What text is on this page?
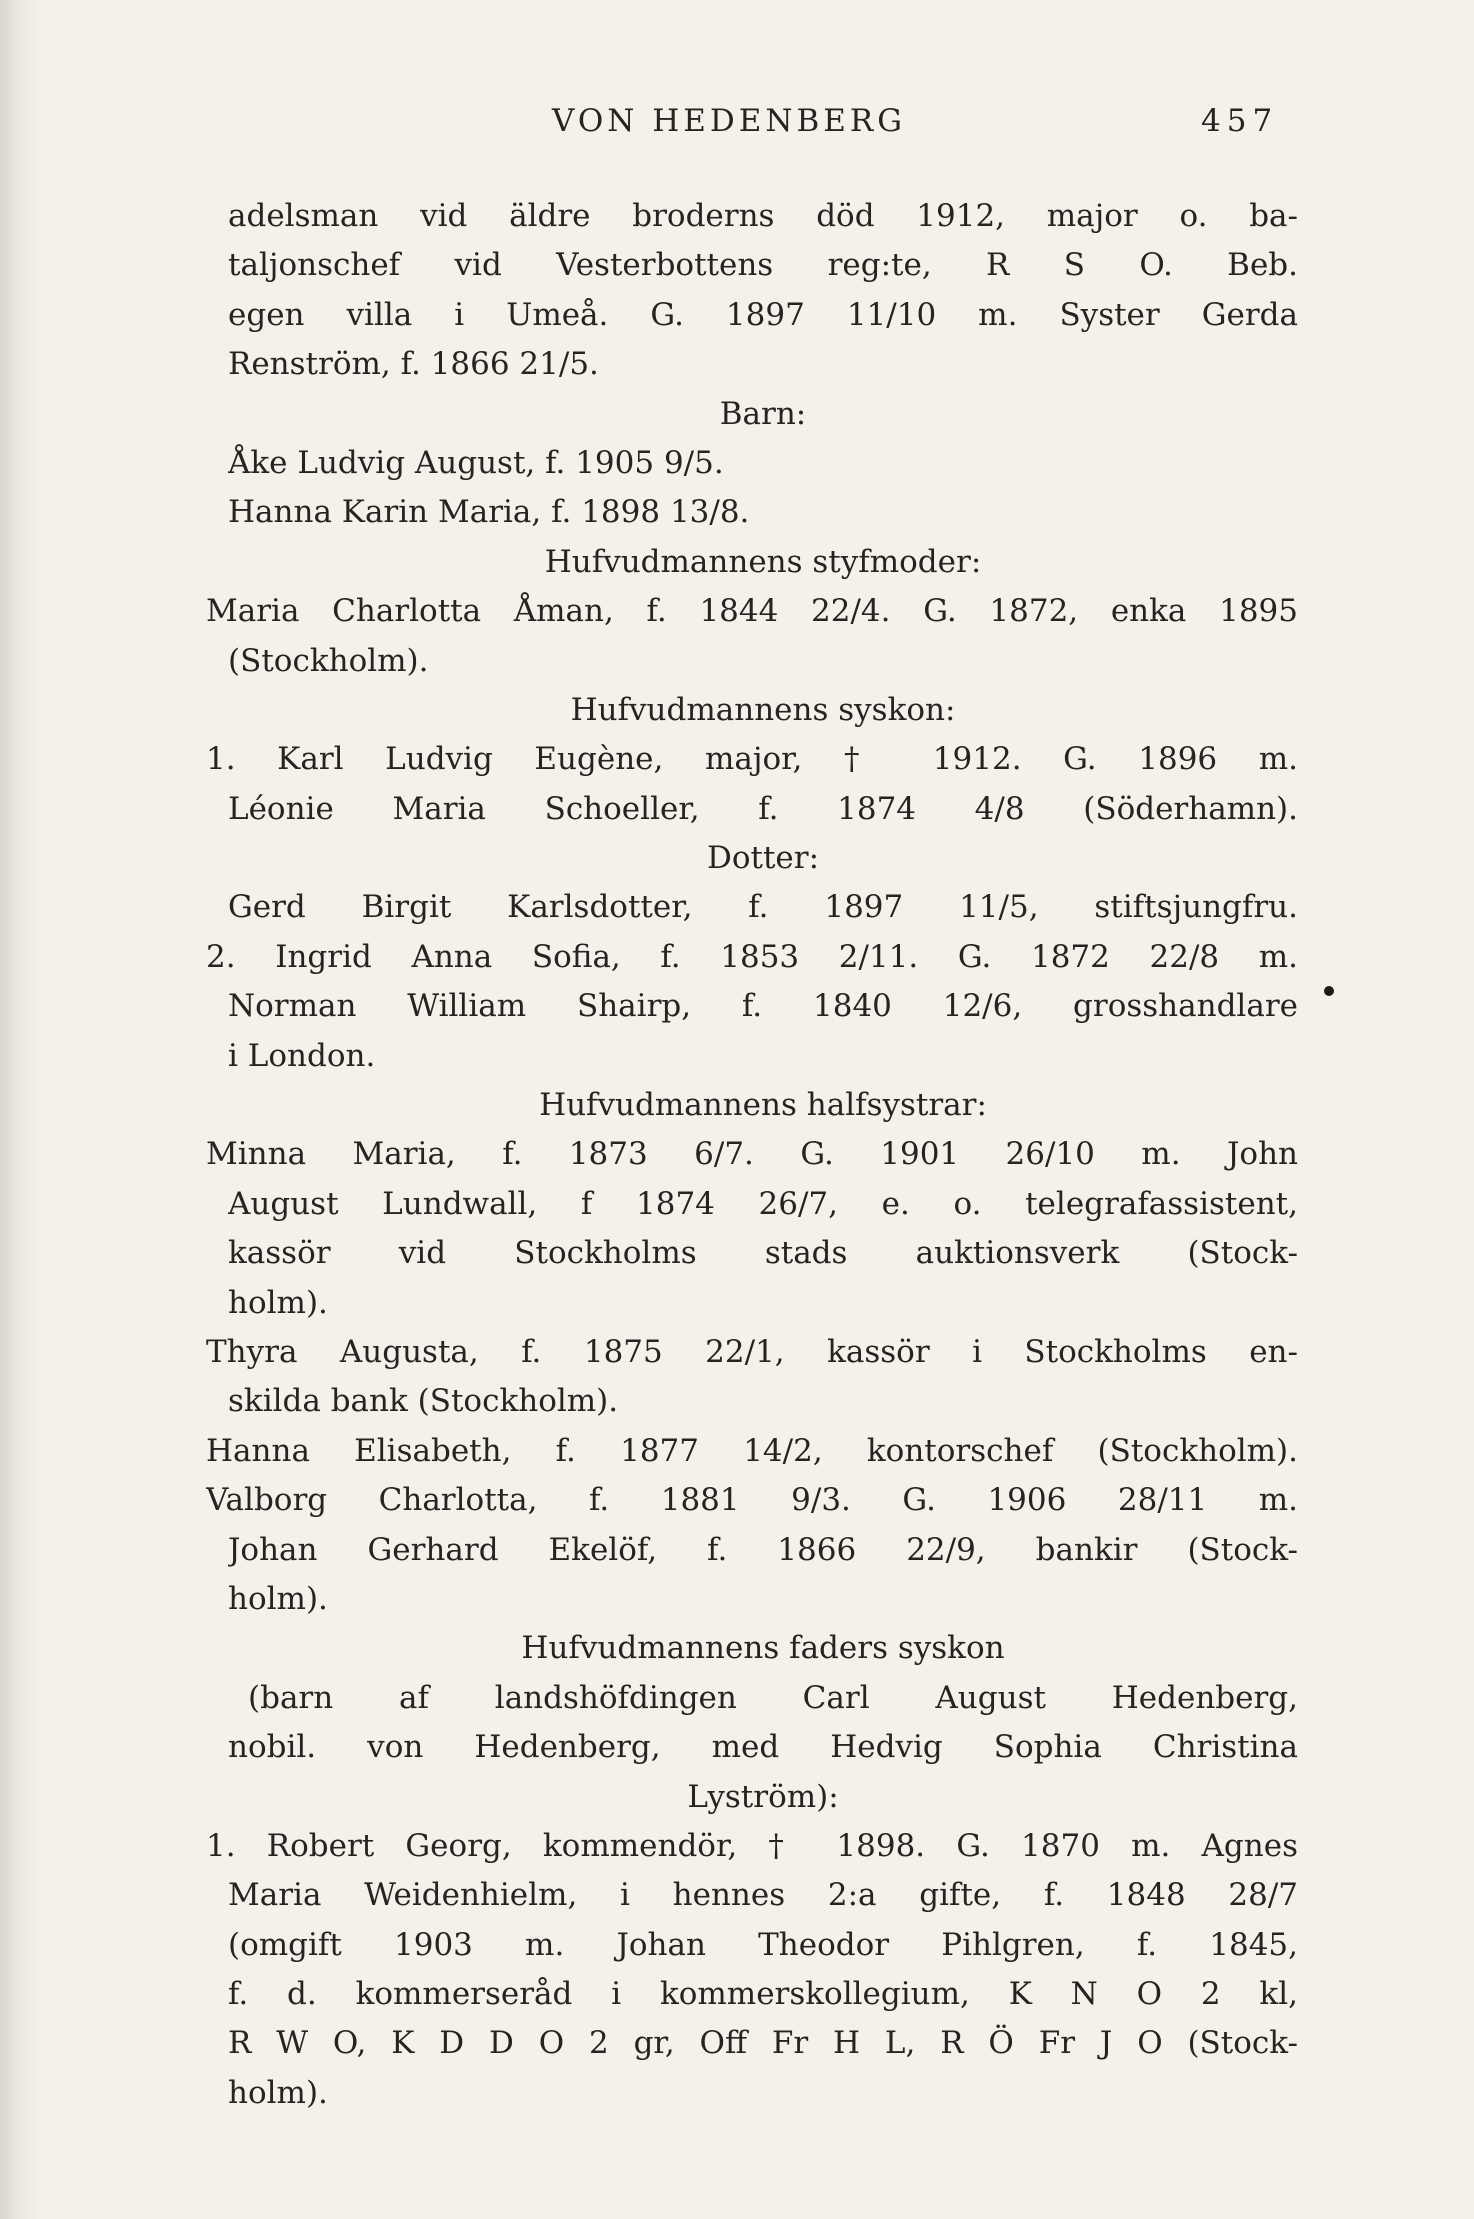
VON HEDENBERG	457
adelsman vid äldre broderns död 1912, major o. ba-
taljonschef vid Vesterbottens reg:te, R S O. Beb.
egen villa i Umeå. G. 1897 11/10 m. Syster Gerda
Renström, f. 1866 21/5.
Barn:
Åke Ludvig August, f. 1905 9/5.
Hanna Karin Maria, f. 1898 13/8.
Hufvudmannens styfmoder:
Maria Charlotta Åman, f. 1844 22/4. G. 1872, enka 1895
(Stockholm).
Hufvudmannens syskon:
1. Karl Ludvig Eugène, major, † 1912. G. 1896 m.
Léonie Maria Schoeller, f. 1874 4/8 (Söderhamn).
Dotter:
Gerd Birgit Karlsdotter, f. 1897 11/5, stiftsjungfru.
2. Ingrid Anna Sofia, f. 1853 2/11. G. 1872 22/8 m.
Norman William Shairp, f. 1840 12/6, grosshandlare
i London.
Hufvudmannens halfsystrar:
Minna Maria, f. 1873 6/7. G. 1901 26/10 m. John
August Lundwall, f 1874 26/7, e. o. telegrafassistent,
kassör vid Stockholms stads auktionsverk (Stock-
holm).
Thyra Augusta, f. 1875 22/1, kassör i Stockholms en-
skilda bank (Stockholm).
Hanna Elisabeth, f. 1877 14/2, kontorschef (Stockholm).
Valborg Charlotta, f. 1881 9/3. G. 1906 28/11 m.
Johan Gerhard Ekelöf, f. 1866 22/9, bankir (Stock-
holm).
Hufvudmannens faders syskon
(barn af landshöfdingen Carl August Hedenberg,
nobil. von Hedenberg, med Hedvig Sophia Christina
Lyström):
1. Robert Georg, kommendör, † 1898. G. 1870 m. Agnes
Maria Weidenhielm, i hennes 2:a gifte, f. 1848 28/7
(omgift 1903 m. Johan Theodor Pihlgren, f. 1845,
f. d. kommerseråd i kommerskollegium, K N O 2 kl,
R W O, K D D O 2 gr, Off Fr H L, R Ö Fr J O (Stock-
holm).
